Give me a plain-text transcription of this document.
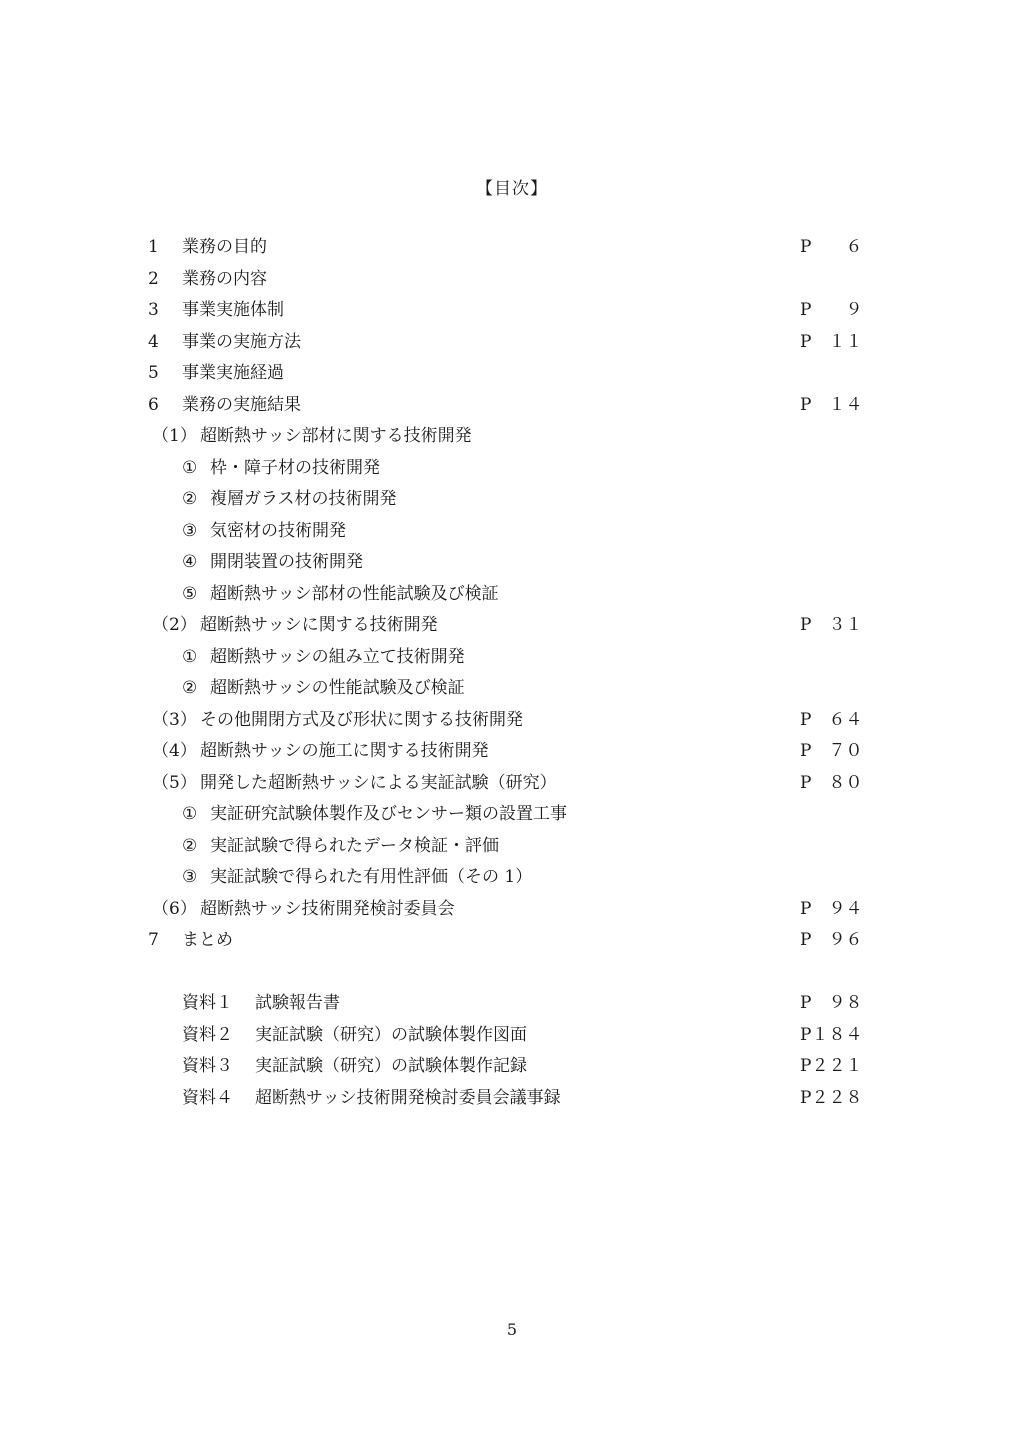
【目次】
1 業務の目的	P　　６
2 業務の内容
3 事業実施体制	P　　９
4 事業の実施方法	P　１１
5 事業実施経過
6 業務の実施結果	P　１４
（1） 超断熱サッシ部材に関する技術開発
① 枠・障子材の技術開発
② 複層ガラス材の技術開発
③ 気密材の技術開発
④ 開閉装置の技術開発
⑤ 超断熱サッシ部材の性能試験及び検証
（2） 超断熱サッシに関する技術開発	P　３１
① 超断熱サッシの組み立て技術開発
② 超断熱サッシの性能試験及び検証
（3） その他開閉方式及び形状に関する技術開発	P　６４
（4） 超断熱サッシの施工に関する技術開発	P　７０
（5） 開発した超断熱サッシによる実証試験（研究）	P　８０
① 実証研究試験体製作及びセンサー類の設置工事
② 実証試験で得られたデータ検証・評価
③ 実証試験で得られた有用性評価（その 1）
（6） 超断熱サッシ技術開発検討委員会	P　９４
7 まとめ	P　９６
資料１ 試験報告書	P　９８
資料２ 実証試験（研究）の試験体製作図面	P１８４
資料３ 実証試験（研究）の試験体製作記録	P２２１
資料４ 超断熱サッシ技術開発検討委員会議事録	P２２８
5
